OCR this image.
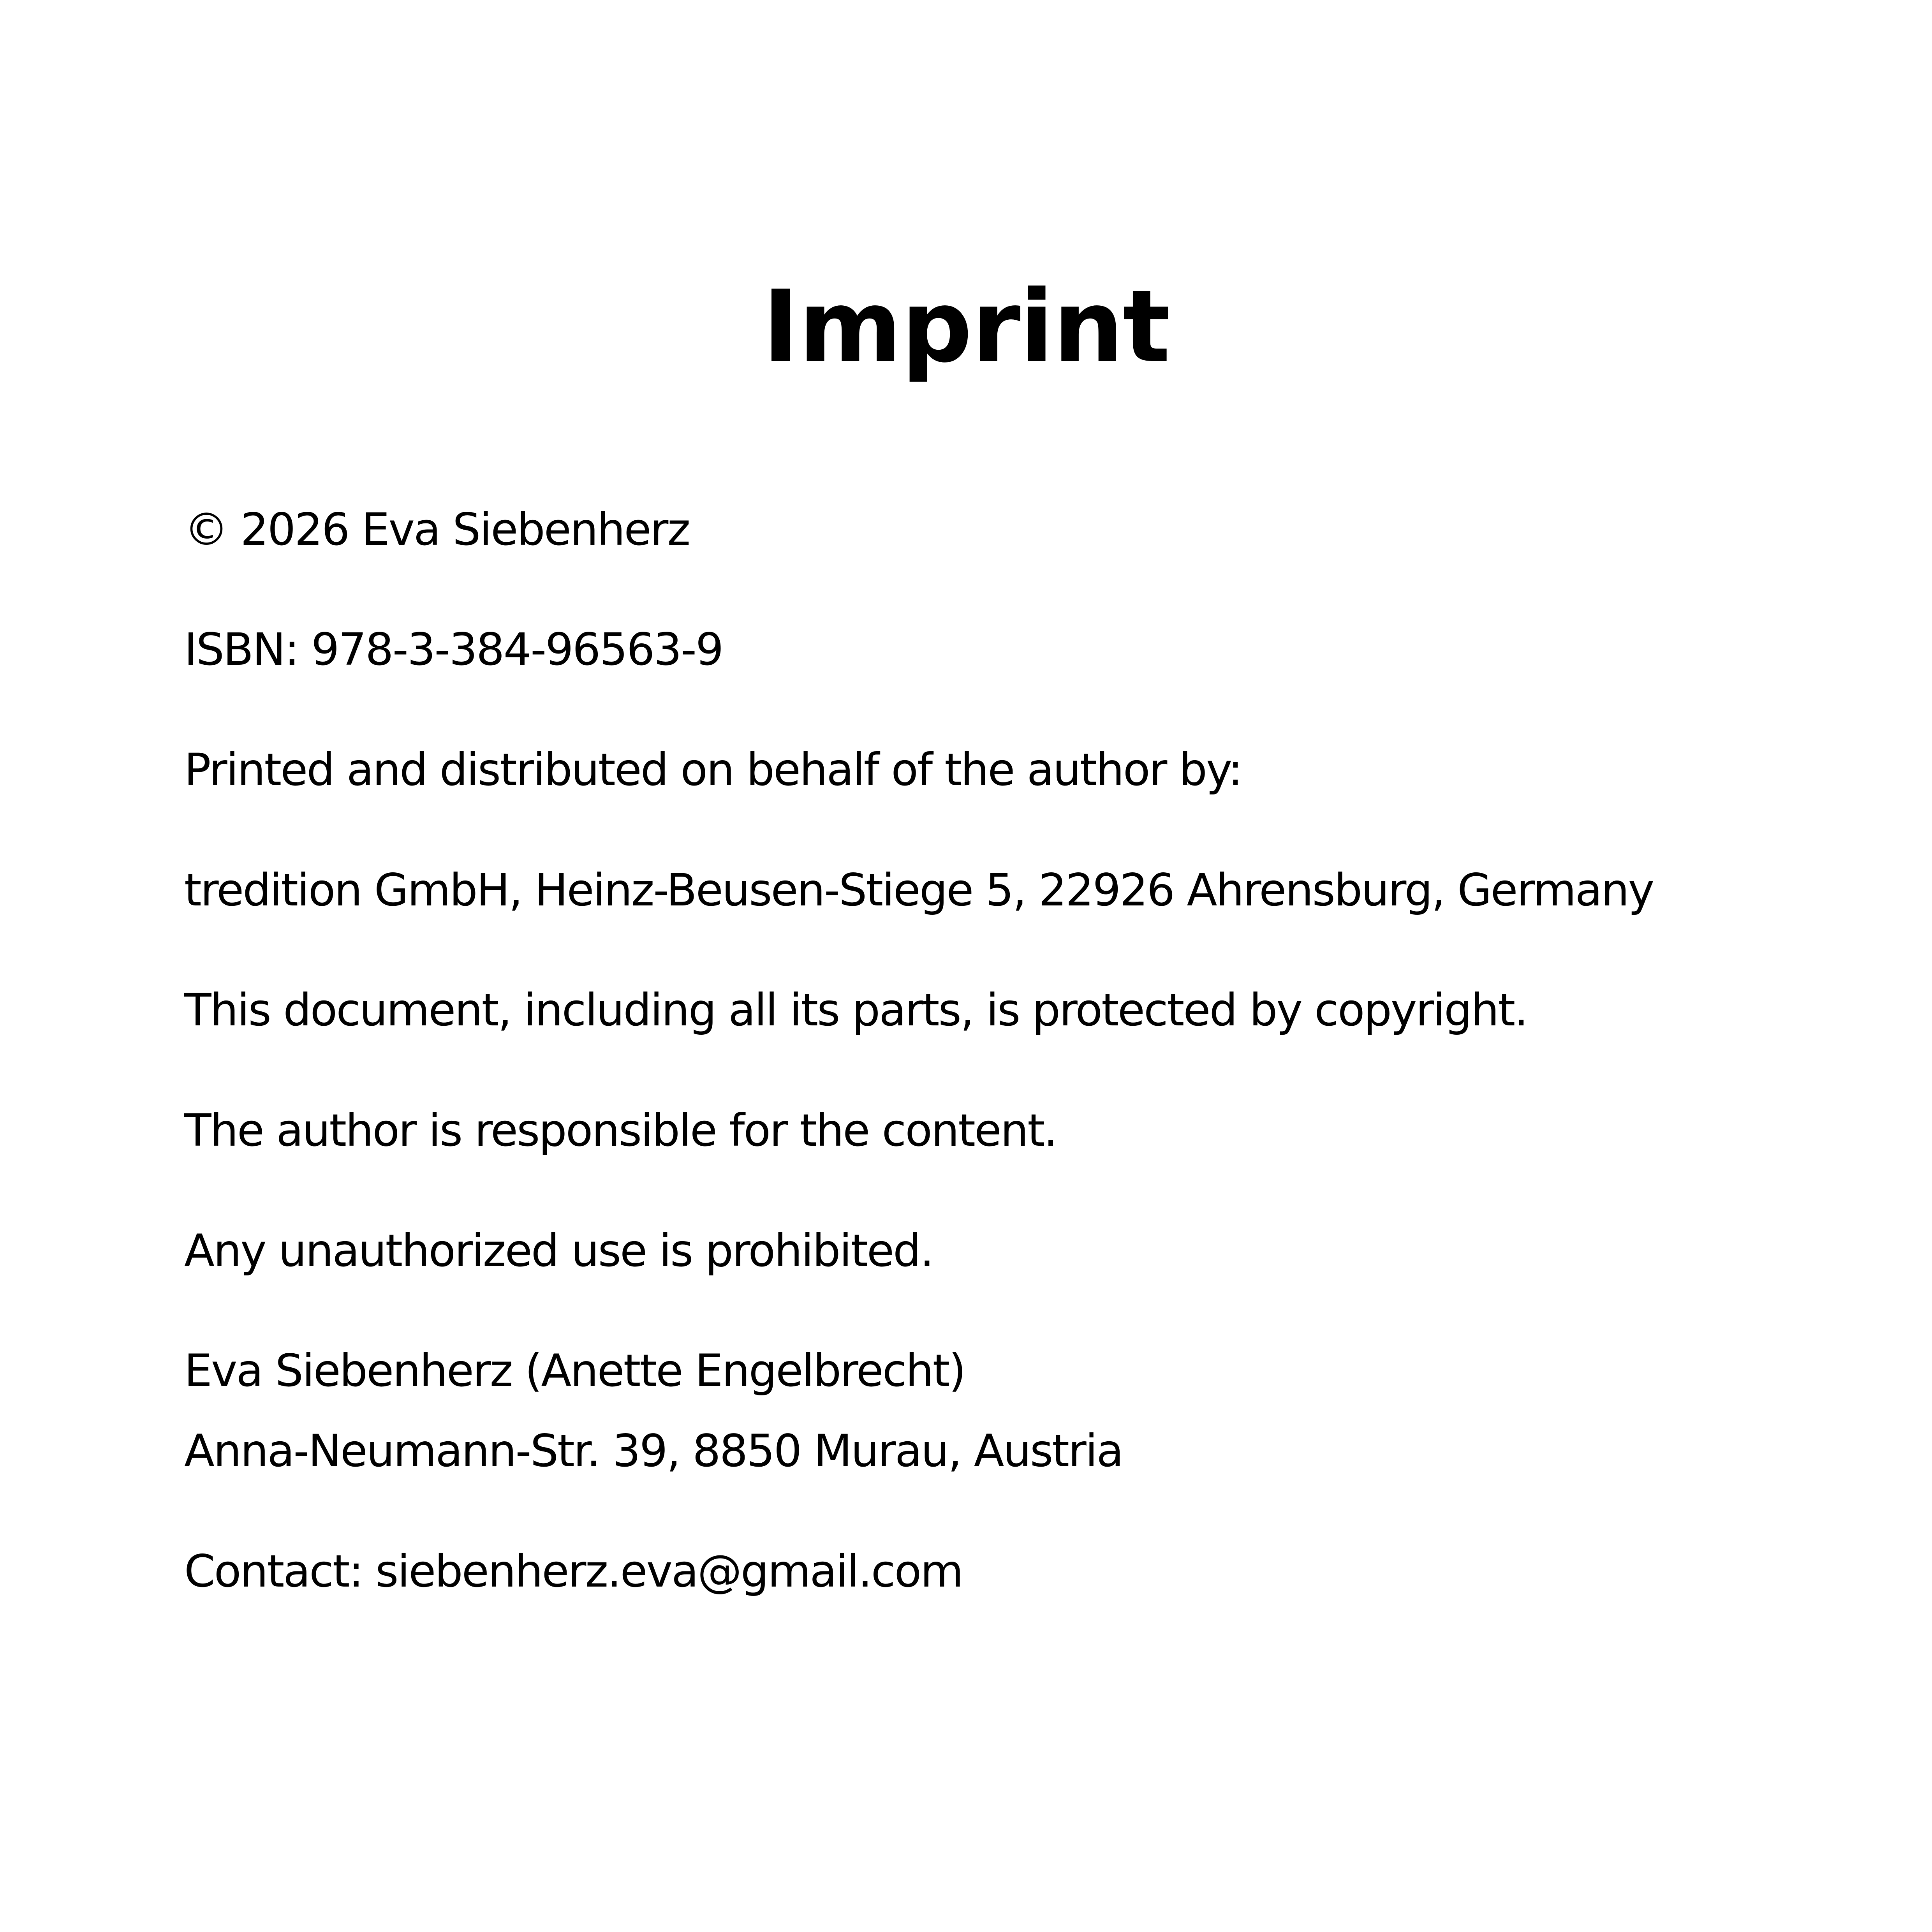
Imprint
© 2026 Eva Siebenherz
ISBN: 978-3-384-96563-9
Printed and distributed on behalf of the author by:
tredition GmbH, Heinz-Beusen-Stiege 5, 22926 Ahrensburg, Germany
This document, including all its parts, is protected by copyright.
The author is responsible for the content.
Any unauthorized use is prohibited.
Eva Siebenherz (Anette Engelbrecht)
Anna-Neumann-Str. 39, 8850 Murau, Austria
Contact: siebenherz.eva@gmail.com
